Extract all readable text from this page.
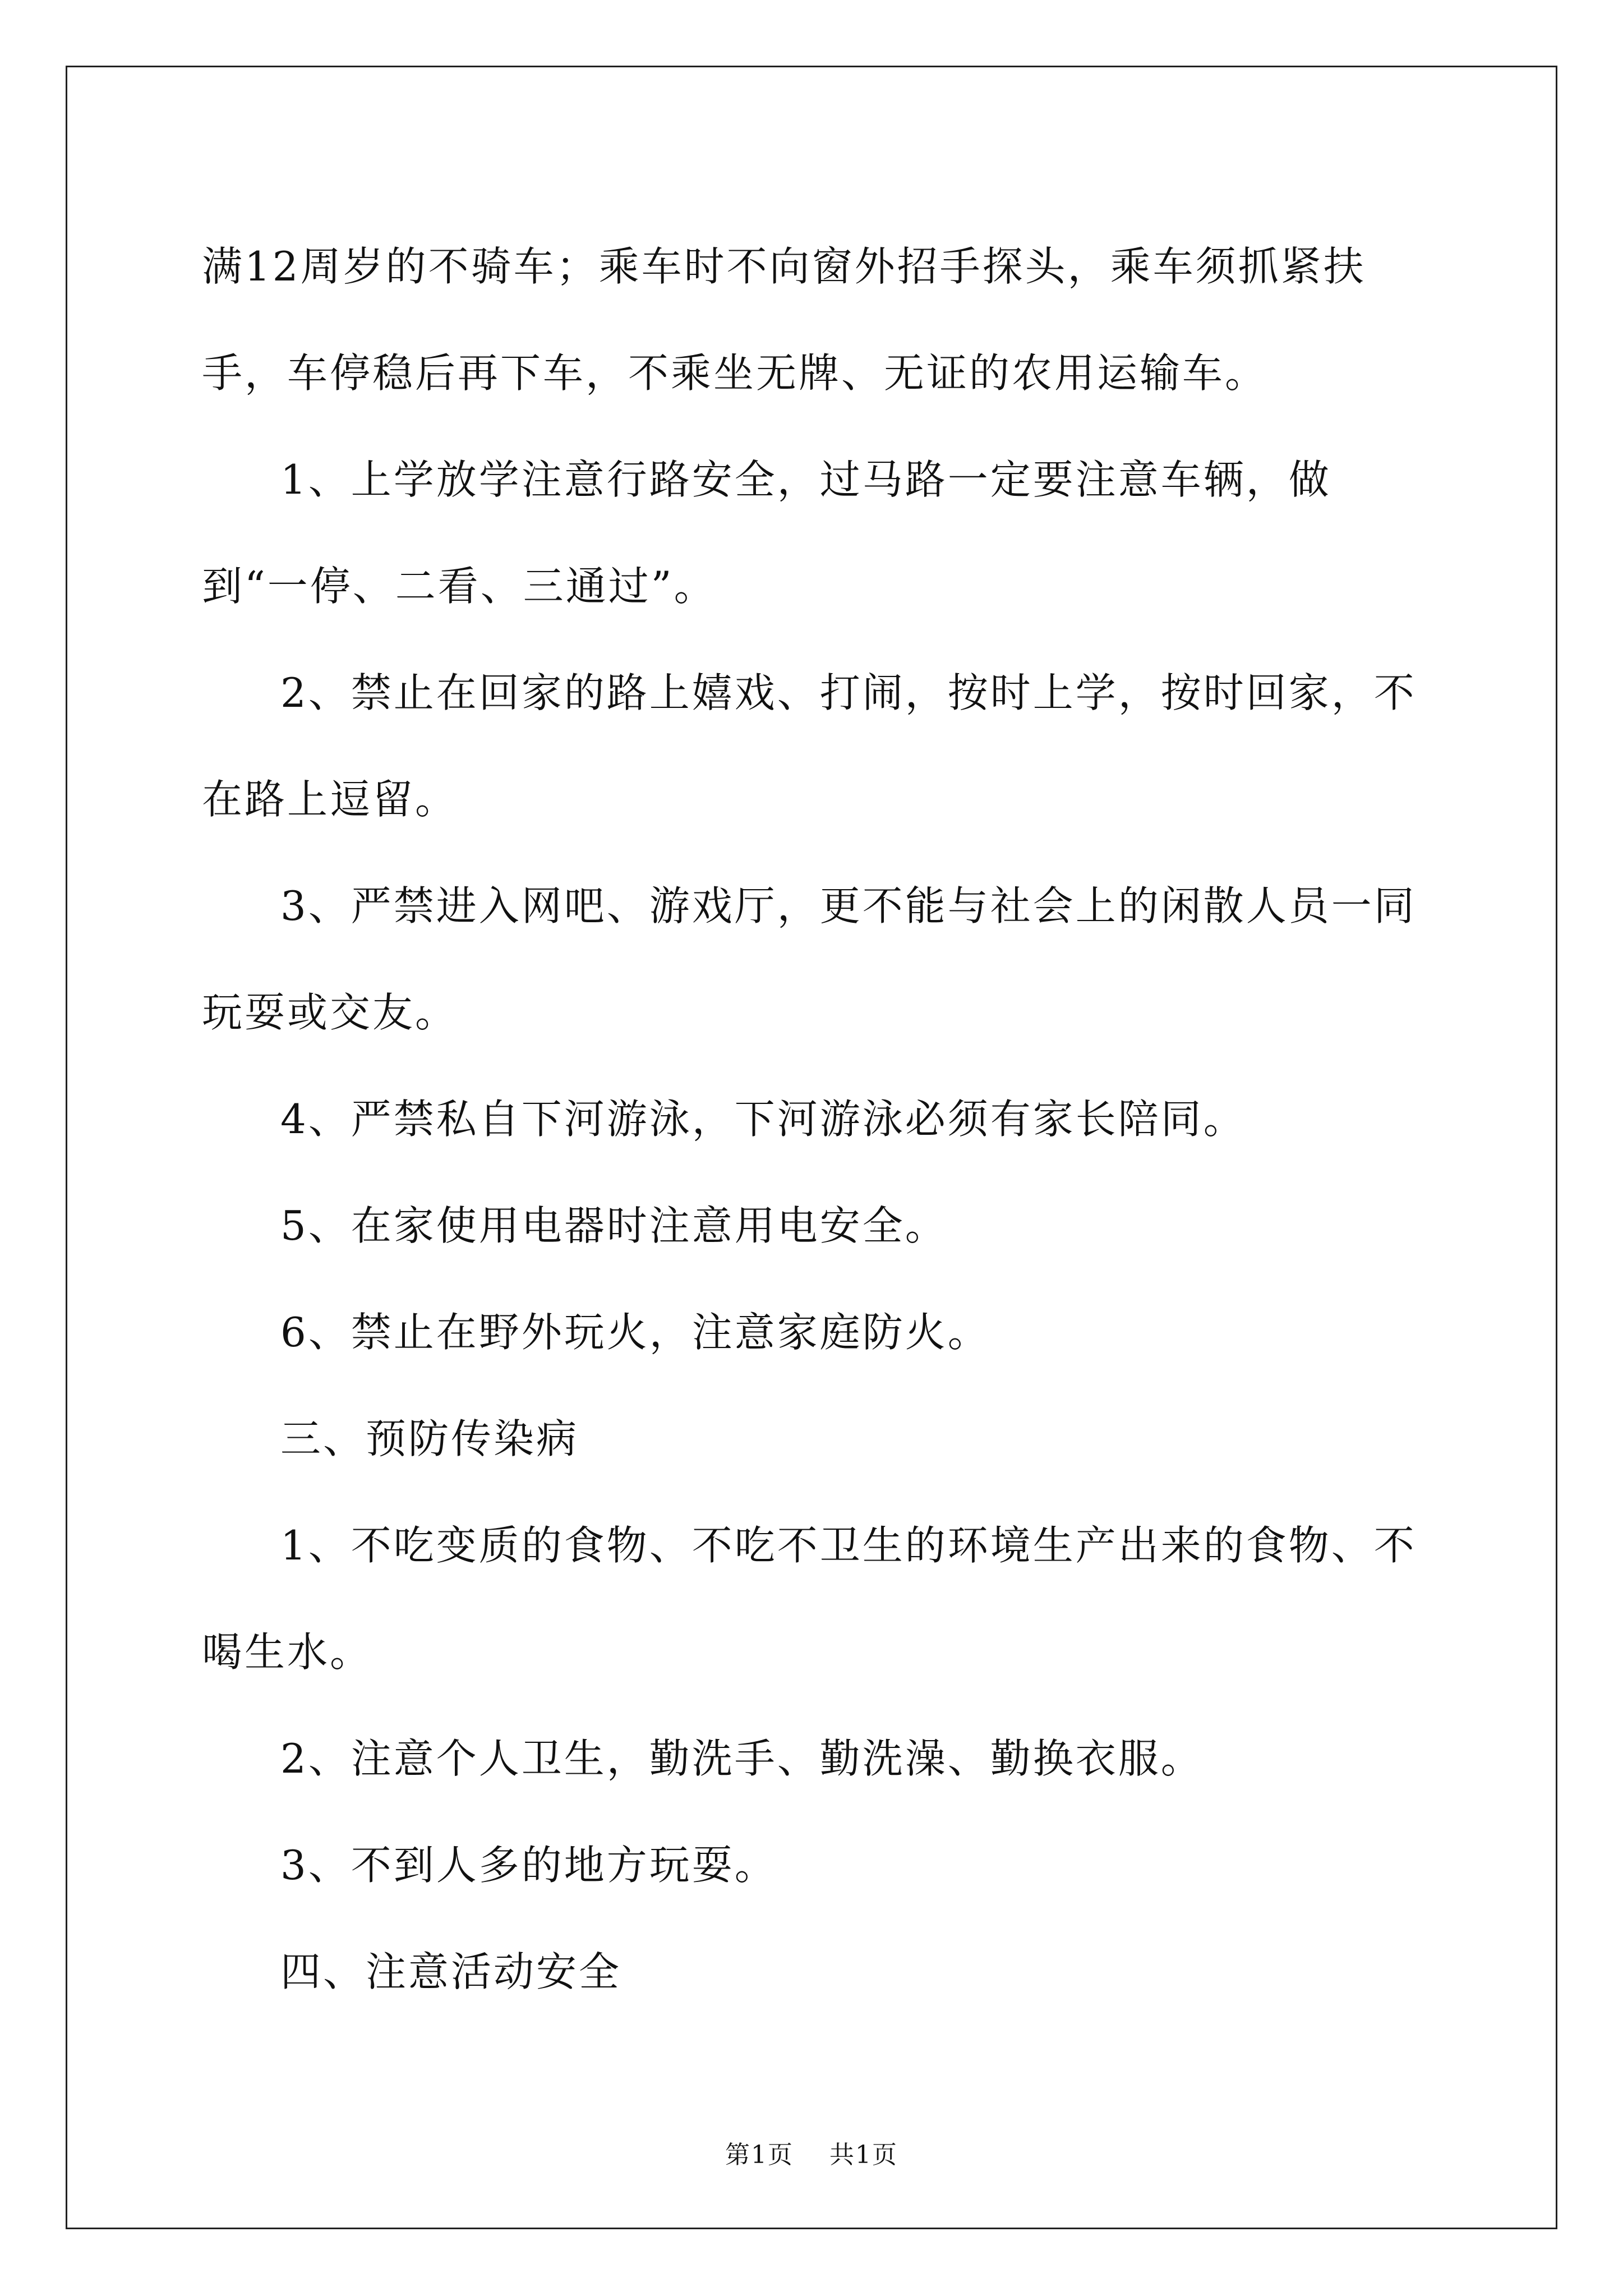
满12周岁的不骑车；乘车时不向窗外招手探头，乘车须抓紧扶手，车停稳后再下车，不乘坐无牌、无证的农用运输车。

1、上学放学注意行路安全，过马路一定要注意车辆，做到“一停、二看、三通过”。

2、禁止在回家的路上嬉戏、打闹，按时上学，按时回家，不在路上逗留。

3、严禁进入网吧、游戏厅，更不能与社会上的闲散人员一同玩耍或交友。

4、严禁私自下河游泳，下河游泳必须有家长陪同。

5、在家使用电器时注意用电安全。

6、禁止在野外玩火，注意家庭防火。

三、预防传染病

1、不吃变质的食物、不吃不卫生的环境生产出来的食物、不喝生水。

2、注意个人卫生，勤洗手、勤洗澡、勤换衣服。

3、不到人多的地方玩耍。

四、注意活动安全

第1页 共1页
